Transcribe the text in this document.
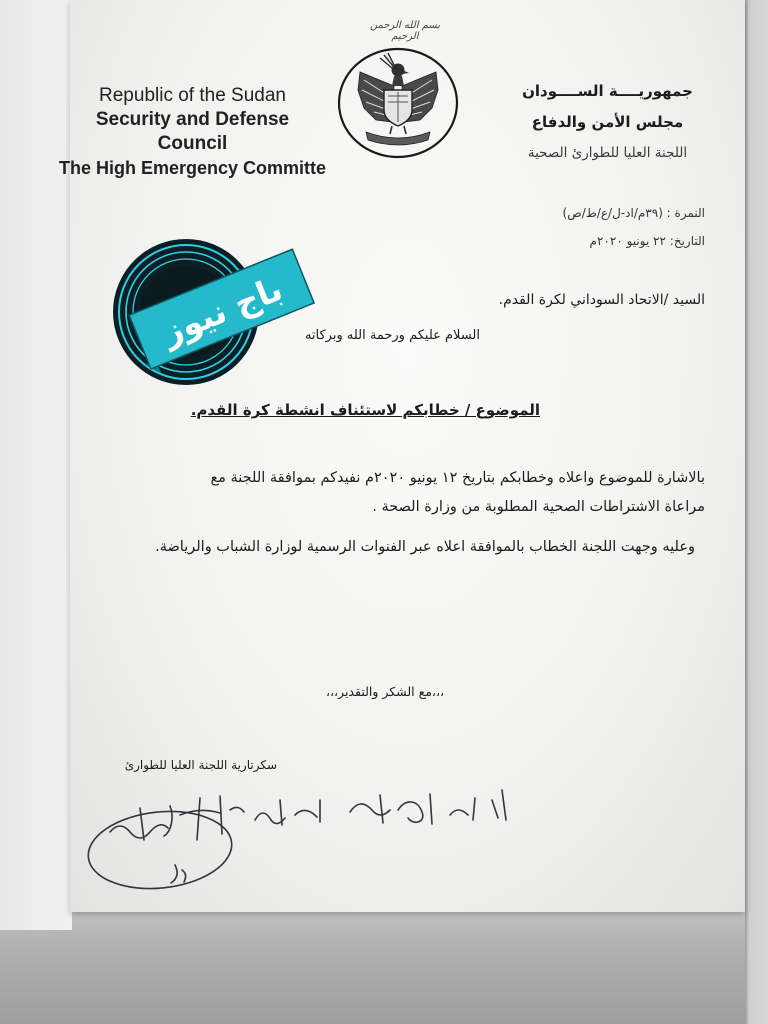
بسم الله الرحمن الرحيم
Republic of the Sudan
Security and Defense
Council
The High Emergency Committe
جمهوريــــة الســــودان
مجلس الأمن والدفاع
اللجنة العليا للطوارئ الصحية
النمرة : (٣٩م/اد-ل/ع/ط/ص)
التاريخ: ٢٢ يونيو ٢٠٢٠م
باج نيوز	السيد /الاتحاد السوداني لكرة القدم.
السلام عليكم ورحمة الله وبركاته
الموضوع / خطابكم لاستئناف انشطة كرة القدم.
بالاشارة للموضوع واعلاه وخطابكم بتاريخ ١٢ يونيو ٢٠٢٠م نفيدكم بموافقة اللجنة مع
مراعاة الاشتراطات الصحية المطلوبة من وزارة الصحة .
وعليه وجهت اللجنة الخطاب بالموافقة اعلاه عبر الفنوات الرسمية لوزارة الشباب والرياضة.
،،،مع الشكر والتقدير،،،
سكرتارية اللجنة العليا للطوارئ
